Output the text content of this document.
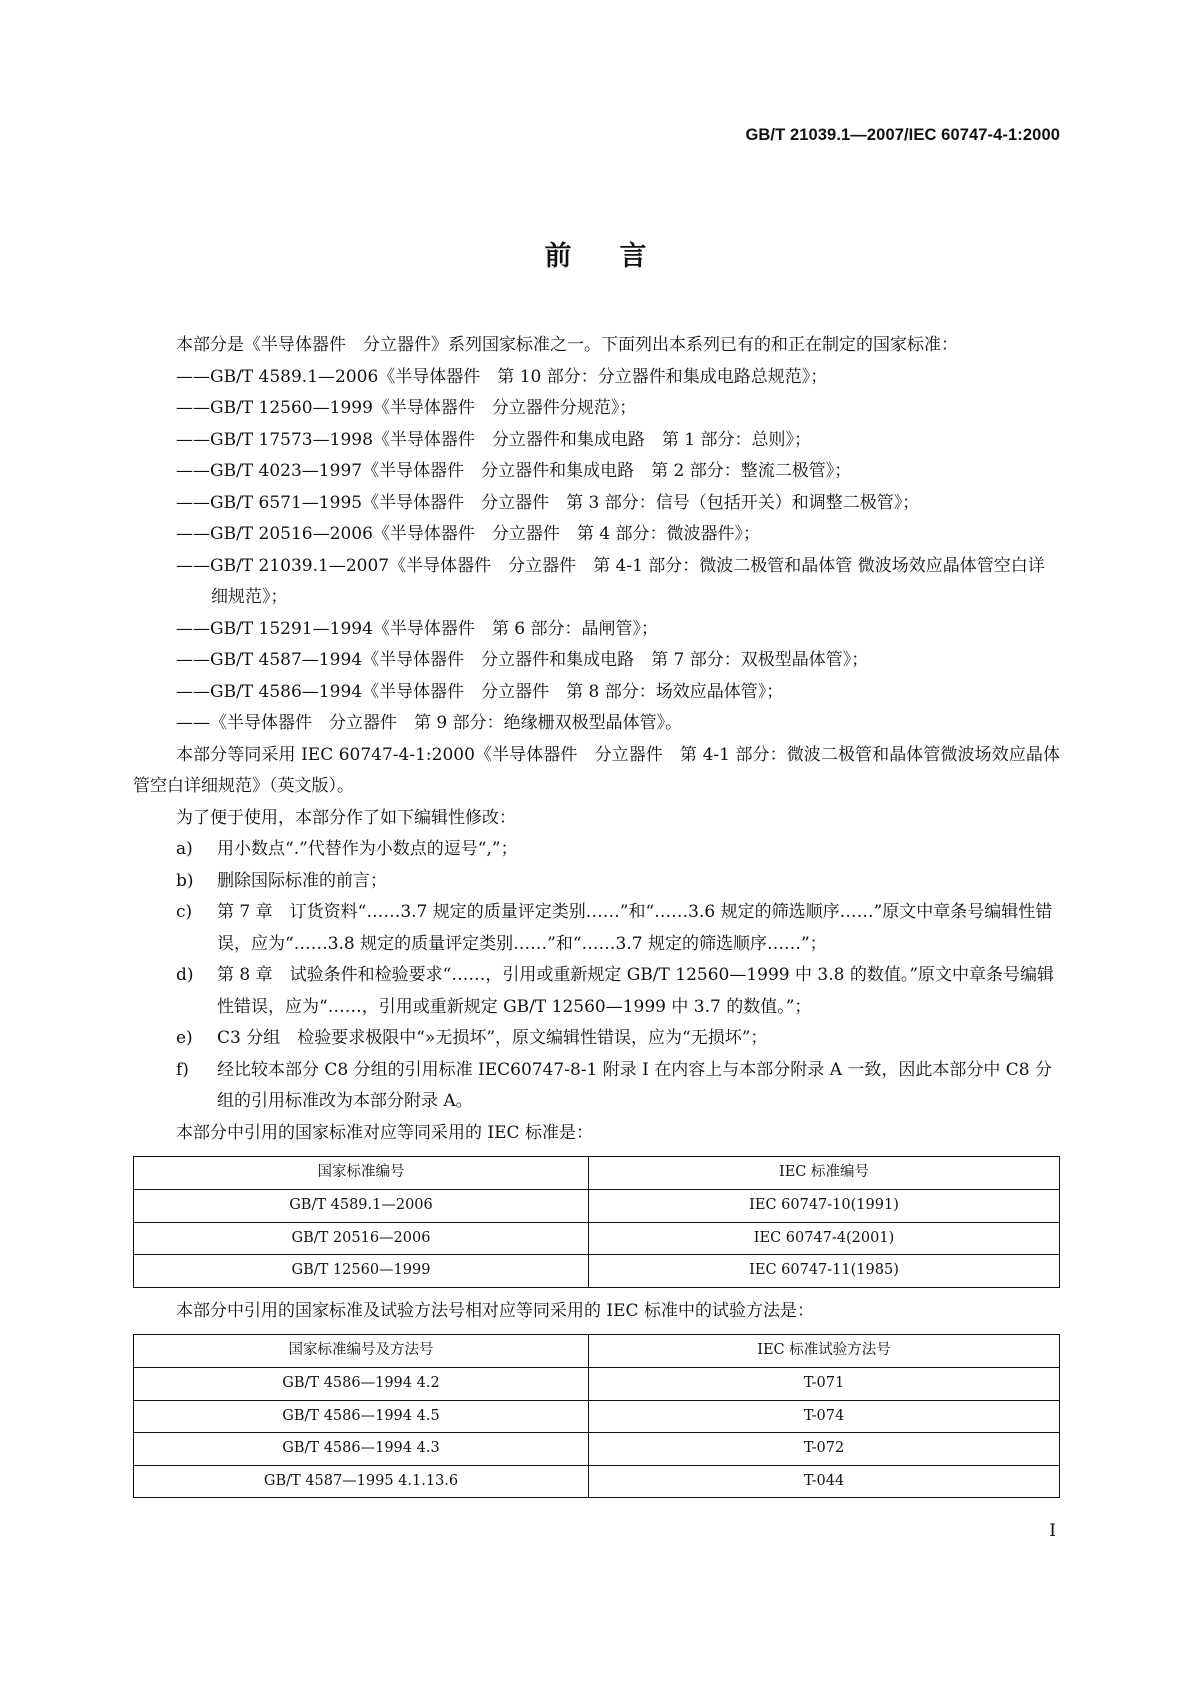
GB/T 21039.1—2007/IEC 60747-4-1:2000
前言

本部分是《半导体器件　分立器件》系列国家标准之一。下面列出本系列已有的和正在制定的国家标准：

——GB/T 4589.1—2006《半导体器件　第 10 部分：分立器件和集成电路总规范》；

——GB/T 12560—1999《半导体器件　分立器件分规范》；

——GB/T 17573—1998《半导体器件　分立器件和集成电路　第 1 部分：总则》；

——GB/T 4023—1997《半导体器件　分立器件和集成电路　第 2 部分：整流二极管》；

——GB/T 6571—1995《半导体器件　分立器件　第 3 部分：信号（包括开关）和调整二极管》；

——GB/T 20516—2006《半导体器件　分立器件　第 4 部分：微波器件》；

——GB/T 21039.1—2007《半导体器件　分立器件　第 4-1 部分：微波二极管和晶体管 微波场效应晶体管空白详细规范》；

——GB/T 15291—1994《半导体器件　第 6 部分：晶闸管》；

——GB/T 4587—1994《半导体器件　分立器件和集成电路　第 7 部分：双极型晶体管》；

——GB/T 4586—1994《半导体器件　分立器件　第 8 部分：场效应晶体管》；

——《半导体器件　分立器件　第 9 部分：绝缘栅双极型晶体管》。

本部分等同采用 IEC 60747-4-1:2000《半导体器件　分立器件　第 4-1 部分：微波二极管和晶体管微波场效应晶体管空白详细规范》（英文版）。

为了便于使用，本部分作了如下编辑性修改：

a) 用小数点“.”代替作为小数点的逗号“,”；

b) 删除国际标准的前言；

c) 第 7 章　订货资料“……3.7 规定的质量评定类别……”和“……3.6 规定的筛选顺序……”原文中章条号编辑性错误，应为“……3.8 规定的质量评定类别……”和“……3.7 规定的筛选顺序……”；

d) 第 8 章　试验条件和检验要求“……，引用或重新规定 GB/T 12560—1999 中 3.8 的数值。”原文中章条号编辑性错误，应为“……，引用或重新规定 GB/T 12560—1999 中 3.7 的数值。”；

e) C3 分组　检验要求极限中“»无损坏”，原文编辑性错误，应为“无损坏”；

f) 经比较本部分 C8 分组的引用标准 IEC60747-8-1 附录 I 在内容上与本部分附录 A 一致，因此本部分中 C8 分组的引用标准改为本部分附录 A。

本部分中引用的国家标准对应等同采用的 IEC 标准是：

国家标准编号	IEC 标准编号
GB/T 4589.1—2006	IEC 60747-10(1991)
GB/T 20516—2006	IEC 60747-4(2001)
GB/T 12560—1999	IEC 60747-11(1985)

本部分中引用的国家标准及试验方法号相对应等同采用的 IEC 标准中的试验方法是：

国家标准编号及方法号	IEC 标准试验方法号
GB/T 4586—1994 4.2	T-071
GB/T 4586—1994 4.5	T-074
GB/T 4586—1994 4.3	T-072
GB/T 4587—1995 4.1.13.6	T-044
I
